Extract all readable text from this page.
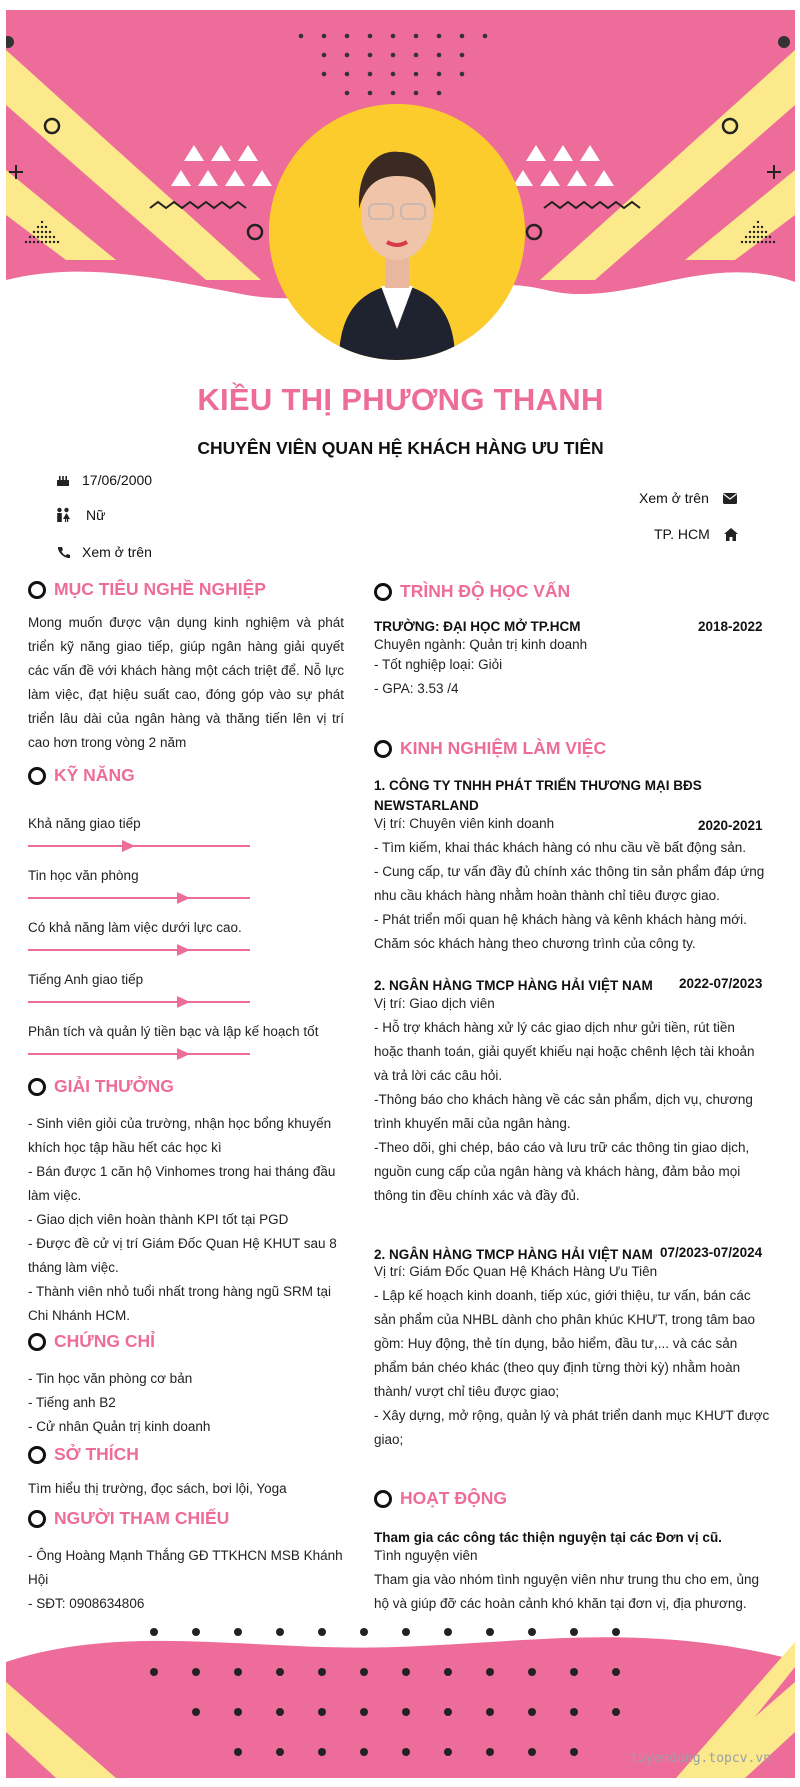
KIỀU THỊ PHƯƠNG THANH
CHUYÊN VIÊN QUAN HỆ KHÁCH HÀNG ƯU TIÊN
17/06/2000
Nữ
Xem ở trên
Xem ở trên
TP. HCM
MỤC TIÊU NGHỀ NGHIỆP
Mong muốn được vận dụng kinh nghiệm và phát triển kỹ năng giao tiếp, giúp ngân hàng giải quyết các vấn đề với khách hàng một cách triệt để. Nỗ lực làm việc, đạt hiệu suất cao, đóng góp vào sự phát triển lâu dài của ngân hàng và thăng tiến lên vị trí cao hơn trong vòng 2 năm
KỸ NĂNG
GIẢI THƯỞNG
CHỨNG CHỈ
SỞ THÍCH
Tìm hiểu thị trường, đọc sách, bơi lội, Yoga
NGƯỜI THAM CHIẾU
TRÌNH ĐỘ HỌC VẤN
TRƯỜNG: ĐẠI HỌC MỞ TP.HCM	2018-2022
Chuyên ngành: Quản trị kinh doanh
- Tốt nghiệp loại: Giỏi
- GPA: 3.53 /4
KINH NGHIỆM LÀM VIỆC
1. CÔNG TY TNHH PHÁT TRIỂN THƯƠNG MẠI BĐS
NEWSTARLAND
Vị trí: Chuyên viên kinh doanh	2020-2021
2. NGÂN HÀNG TMCP HÀNG HẢI VIỆT NAM 2022-07/2023
Vị trí: Giao dịch viên
2. NGÂN HÀNG TMCP HÀNG HẢI VIỆT NAM 07/2023-07/2024
Vị trí: Giám Đốc Quan Hệ Khách Hàng Ưu Tiên
HOẠT ĐỘNG
Tham gia các công tác thiện nguyện tại các Đơn vị cũ.
Tình nguyện viên
tuyendung.topcv.vn
Khả năng giao tiếp
Tin học văn phòng
Có khả năng làm việc dưới lực cao.
Tiếng Anh giao tiếp
Phân tích và quản lý tiền bạc và lập kế hoạch tốt
- Sinh viên giỏi của trường, nhận học bổng khuyến
khích học tập hầu hết các học kì
- Bán được 1 căn hộ Vinhomes trong hai tháng đầu
làm việc.
- Giao dịch viên hoàn thành KPI tốt tại PGD
- Được đề cử vị trí Giám Đốc Quan Hệ KHUT sau 8
tháng làm việc.
- Thành viên nhỏ tuổi nhất trong hàng ngũ SRM tại
Chi Nhánh HCM.
- Tin học văn phòng cơ bản
- Tiếng anh B2
- Cử nhân Quản trị kinh doanh
- Ông Hoàng Mạnh Thắng GĐ TTKHCN MSB Khánh
Hội
- SĐT: 0908634806
- Tìm kiếm, khai thác khách hàng có nhu cầu về bất động sản.
- Cung cấp, tư vấn đầy đủ chính xác thông tin sản phẩm đáp ứng
nhu cầu khách hàng nhằm hoàn thành chỉ tiêu được giao.
- Phát triển mối quan hệ khách hàng và kênh khách hàng mới.
Chăm sóc khách hàng theo chương trình của công ty.
- Hỗ trợ khách hàng xử lý các giao dịch như gửi tiền, rút tiền
hoặc thanh toán, giải quyết khiếu nại hoặc chênh lệch tài khoản
và trả lời các câu hỏi.
-Thông báo cho khách hàng về các sản phẩm, dịch vụ, chương
trình khuyến mãi của ngân hàng.
-Theo dõi, ghi chép, báo cáo và lưu trữ các thông tin giao dịch,
nguồn cung cấp của ngân hàng và khách hàng, đảm bảo mọi
thông tin đều chính xác và đầy đủ.
- Lập kế hoạch kinh doanh, tiếp xúc, giới thiệu, tư vấn, bán các
sản phẩm của NHBL dành cho phân khúc KHƯT, trong tâm bao
gồm: Huy động, thẻ tín dụng, bảo hiểm, đầu tư,... và các sản
phẩm bán chéo khác (theo quy định từng thời kỳ) nhằm hoàn
thành/ vượt chỉ tiêu được giao;
- Xây dựng, mở rộng, quản lý và phát triển danh mục KHƯT được
giao;
Tham gia vào nhóm tình nguyện viên như trung thu cho em, ủng
hộ và giúp đỡ các hoàn cảnh khó khăn tại đơn vị, địa phương.
